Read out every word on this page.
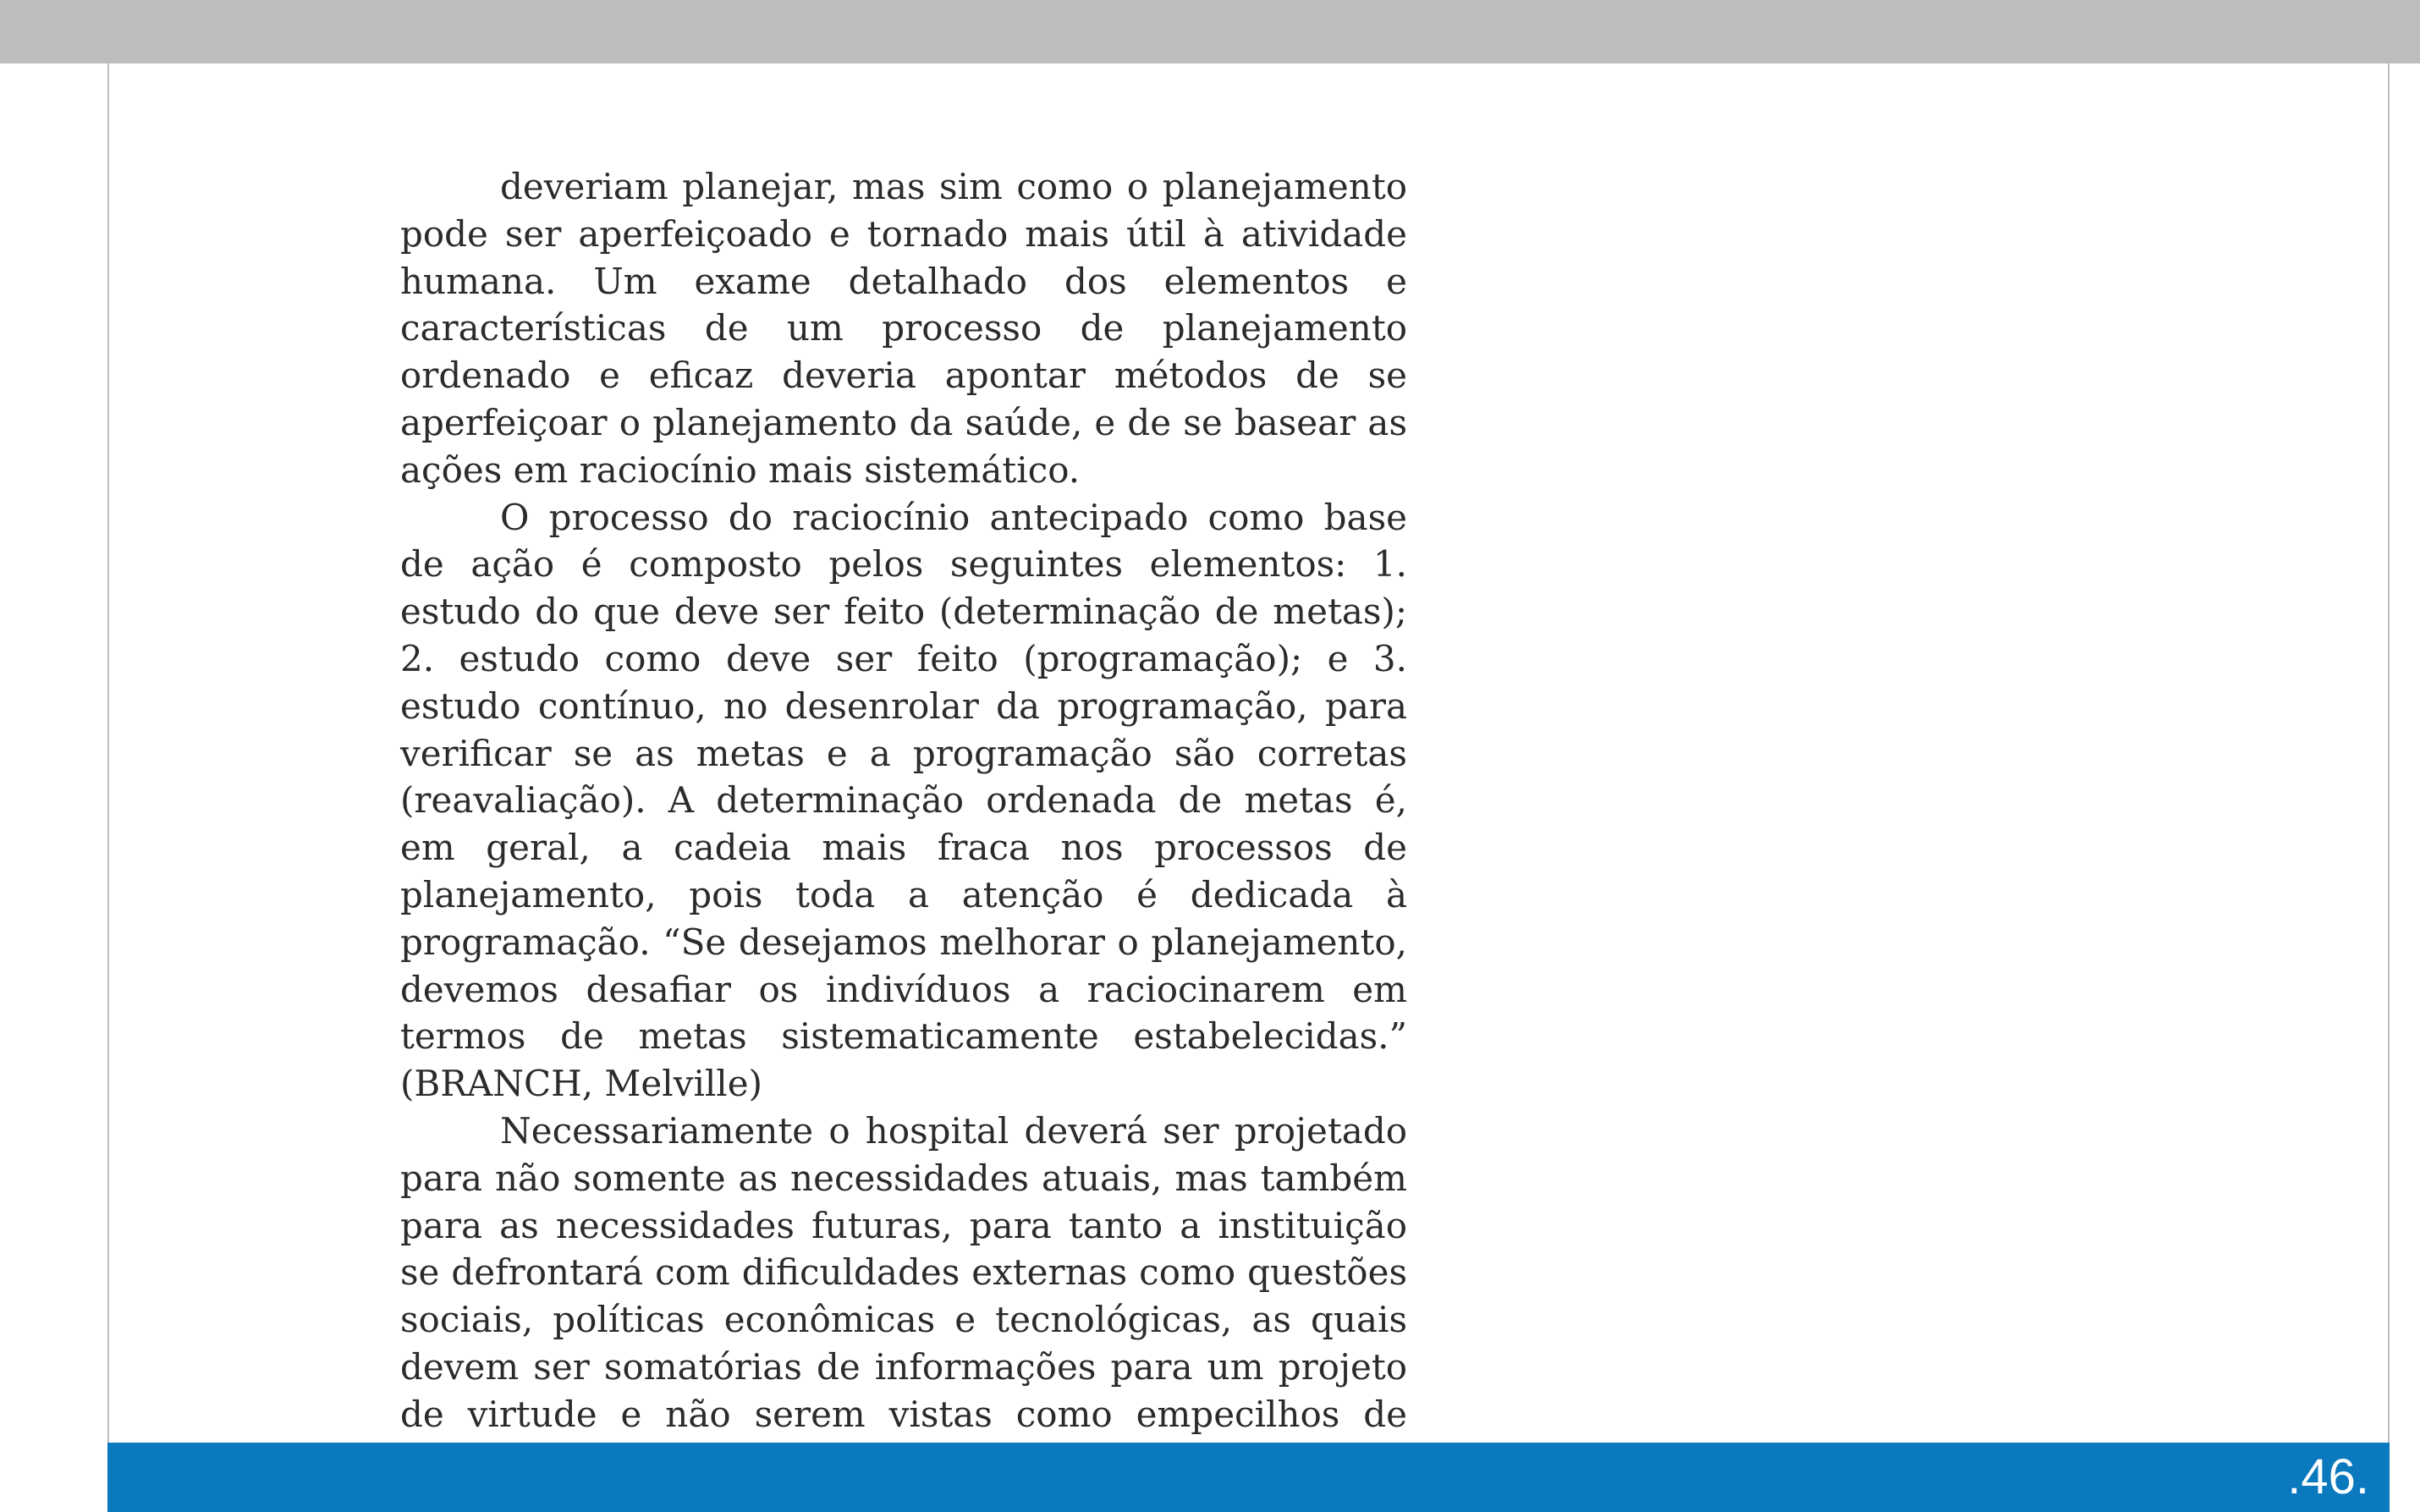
deveriam planejar, mas sim como o planejamento pode ser aperfeiçoado e tornado mais útil à atividade humana. Um exame detalhado dos elementos e características de um processo de planejamento ordenado e eficaz deveria apontar métodos de se aperfeiçoar o planejamento da saúde, e de se basear as ações em raciocínio mais sistemático.

O processo do raciocínio antecipado como base de ação é composto pelos seguintes elementos: 1. estudo do que deve ser feito (determinação de metas); 2. estudo como deve ser feito (programação); e 3. estudo contínuo, no desenrolar da programação, para verificar se as metas e a programação são corretas (reavaliação). A determinação ordenada de metas é, em geral, a cadeia mais fraca nos processos de planejamento, pois toda a atenção é dedicada à programação. “Se desejamos melhorar o planejamento, devemos desafiar os indivíduos a raciocinarem em termos de metas sistematicamente estabelecidas.” (BRANCH, Melville)

Necessariamente o hospital deverá ser projetado para não somente as necessidades atuais, mas também para as necessidades futuras, para tanto a instituição se defrontará com dificuldades externas como questões sociais, políticas econômicas e tecnológicas, as quais devem ser somatórias de informações para um projeto de virtude e não serem vistas como empecilhos de

.46.
